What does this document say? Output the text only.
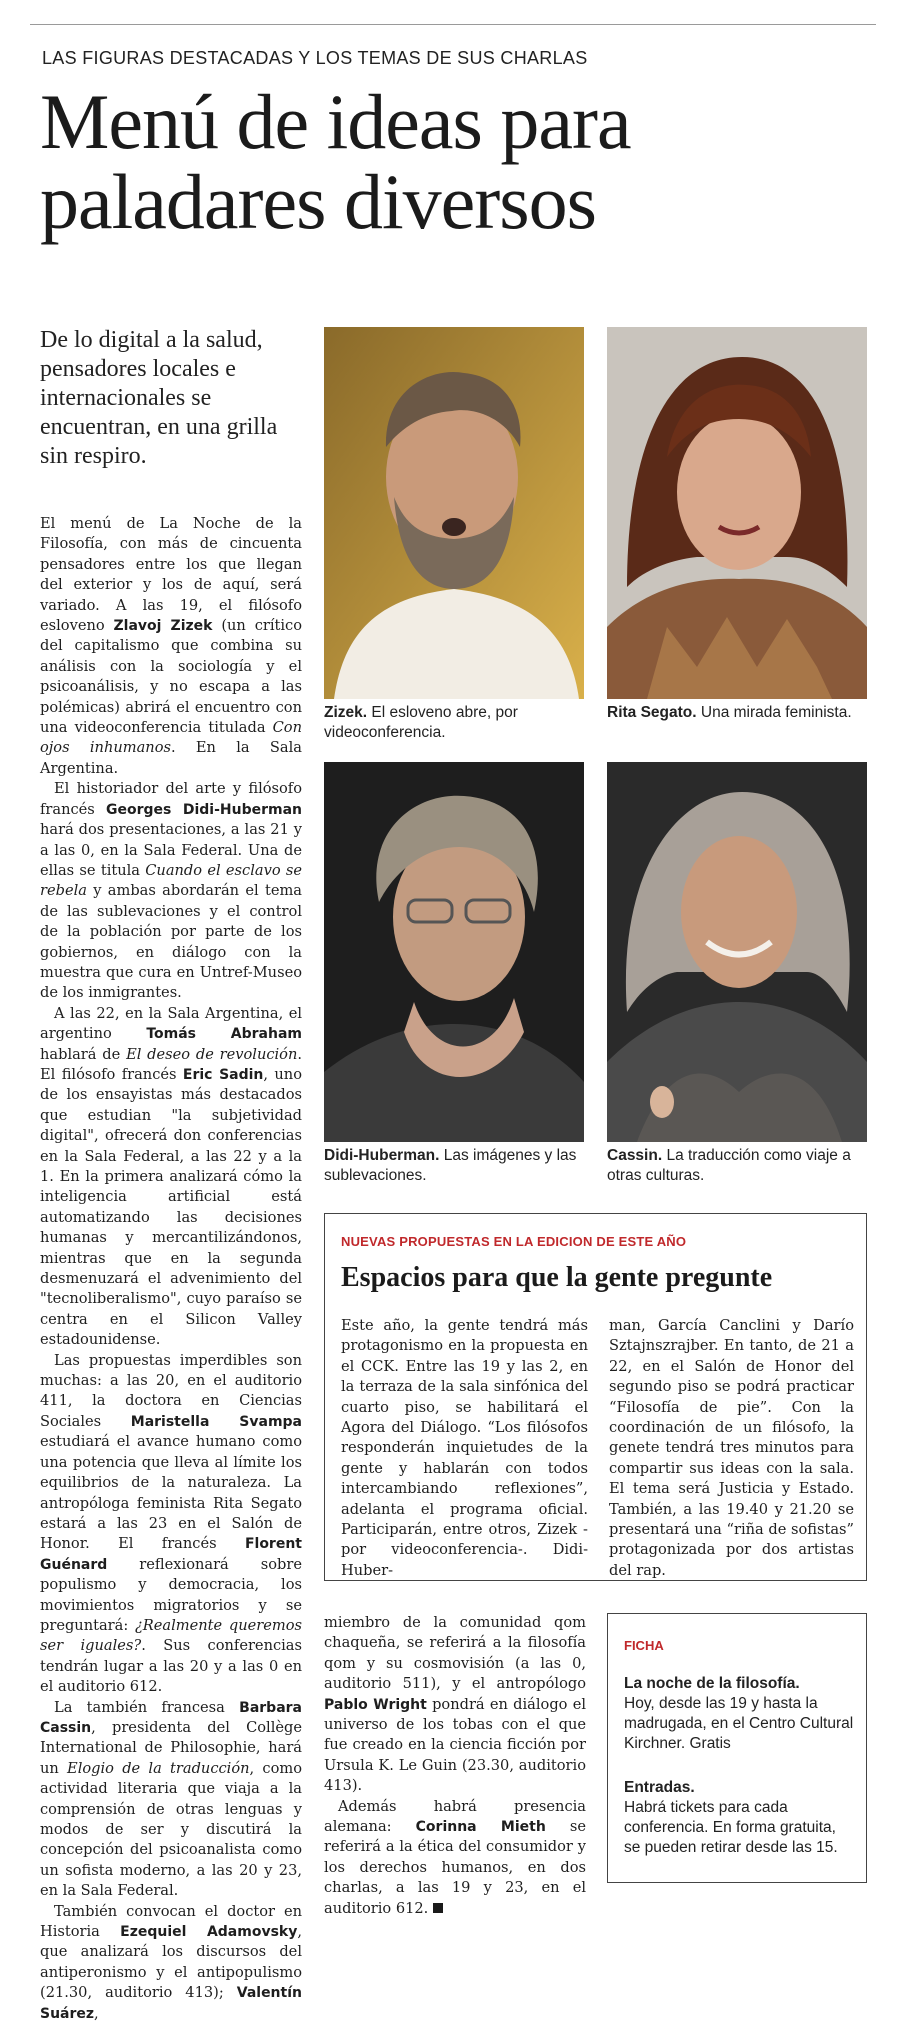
LAS FIGURAS DESTACADAS Y LOS TEMAS DE SUS CHARLAS
Menú de ideas para
paladares diversos
De lo digital a la salud, pensadores locales e internacionales se encuentran, en una grilla sin respiro.

El menú de La Noche de la Filosofía, con más de cincuenta pensadores entre los que llegan del exterior y los de aquí, será variado. A las 19, el filósofo esloveno Zlavoj Zizek (un crítico del capitalismo que combina su análisis con la sociología y el psicoanálisis, y no escapa a las polémicas) abrirá el encuentro con una videoconferencia titulada Con ojos inhumanos. En la Sala Argentina.

El historiador del arte y filósofo francés Georges Didi-Huberman hará dos presentaciones, a las 21 y a las 0, en la Sala Federal. Una de ellas se titula Cuando el esclavo se rebela y ambas abordarán el tema de las sublevaciones y el control de la población por parte de los gobiernos, en diálogo con la muestra que cura en Untref-Museo de los inmigrantes.

A las 22, en la Sala Argentina, el argentino Tomás Abraham hablará de El deseo de revolución. El filósofo francés Eric Sadin, uno de los ensayistas más destacados que estudian "la subjetividad digital", ofrecerá don conferencias en la Sala Federal, a las 22 y a la 1. En la primera analizará cómo la inteligencia artificial está automatizando las decisiones humanas y mercantilizándonos, mientras que en la segunda desmenuzará el advenimiento del "tecnoliberalismo", cuyo paraíso se centra en el Silicon Valley estadounidense.

Las propuestas imperdibles son muchas: a las 20, en el auditorio 411, la doctora en Ciencias Sociales Maristella Svampa estudiará el avance humano como una potencia que lleva al límite los equilibrios de la naturaleza. La antropóloga feminista Rita Segato estará a las 23 en el Salón de Honor. El francés Florent Guénard reflexionará sobre populismo y democracia, los movimientos migratorios y se preguntará: ¿Realmente queremos ser iguales?. Sus conferencias tendrán lugar a las 20 y a las 0 en el auditorio 612.

La también francesa Barbara Cassin, presidenta del Collège International de Philosophie, hará un Elogio de la traducción, como actividad literaria que viaja a la comprensión de otras lenguas y modos de ser y discutirá la concepción del psicoanalista como un sofista moderno, a las 20 y 23, en la Sala Federal.

También convocan el doctor en Historia Ezequiel Adamovsky, que analizará los discursos del antiperonismo y el antipopulismo (21.30, auditorio 413); Valentín Suárez,

Zizek. El esloveno abre, por videoconferencia.
Rita Segato. Una mirada feminista.
Didi-Huberman. Las imágenes y las sublevaciones.
Cassin. La traducción como viaje a otras culturas.
NUEVAS PROPUESTAS EN LA EDICION DE ESTE AÑO
Espacios para que la gente pregunte
Este año, la gente tendrá más protagonismo en la propuesta en el CCK. Entre las 19 y las 2, en la terraza de la sala sinfónica del cuarto piso, se habilitará el Agora del Diálogo. “Los filósofos responderán inquietudes de la gente y hablarán con todos intercambiando reflexiones”, adelanta el programa oficial. Participarán, entre otros, Zizek -por videoconferencia-. Didi-Huber-
man, García Canclini y Darío Sztajnszrajber. En tanto, de 21 a 22, en el Salón de Honor del segundo piso se podrá practicar “Filosofía de pie”. Con la coordinación de un filósofo, la genete tendrá tres minutos para compartir sus ideas con la sala. El tema será Justicia y Estado. También, a las 19.40 y 21.20 se presentará una “riña de sofistas” protagonizada por dos artistas del rap.

miembro de la comunidad qom chaqueña, se referirá a la filosofía qom y su cosmovisión (a las 0, auditorio 511), y el antropólogo Pablo Wright pondrá en diálogo el universo de los tobas con el que fue creado en la ciencia ficción por Ursula K. Le Guin (23.30, auditorio 413).

Además habrá presencia alemana: Corinna Mieth se referirá a la ética del consumidor y los derechos humanos, en dos charlas, a las 19 y 23, en el auditorio 612.

FICHA
La noche de la filosofía.
Hoy, desde las 19 y hasta la madrugada, en el Centro Cultural Kirchner. Gratis
Entradas.
Habrá tickets para cada conferencia. En forma gratuita, se pueden retirar desde las 15.
